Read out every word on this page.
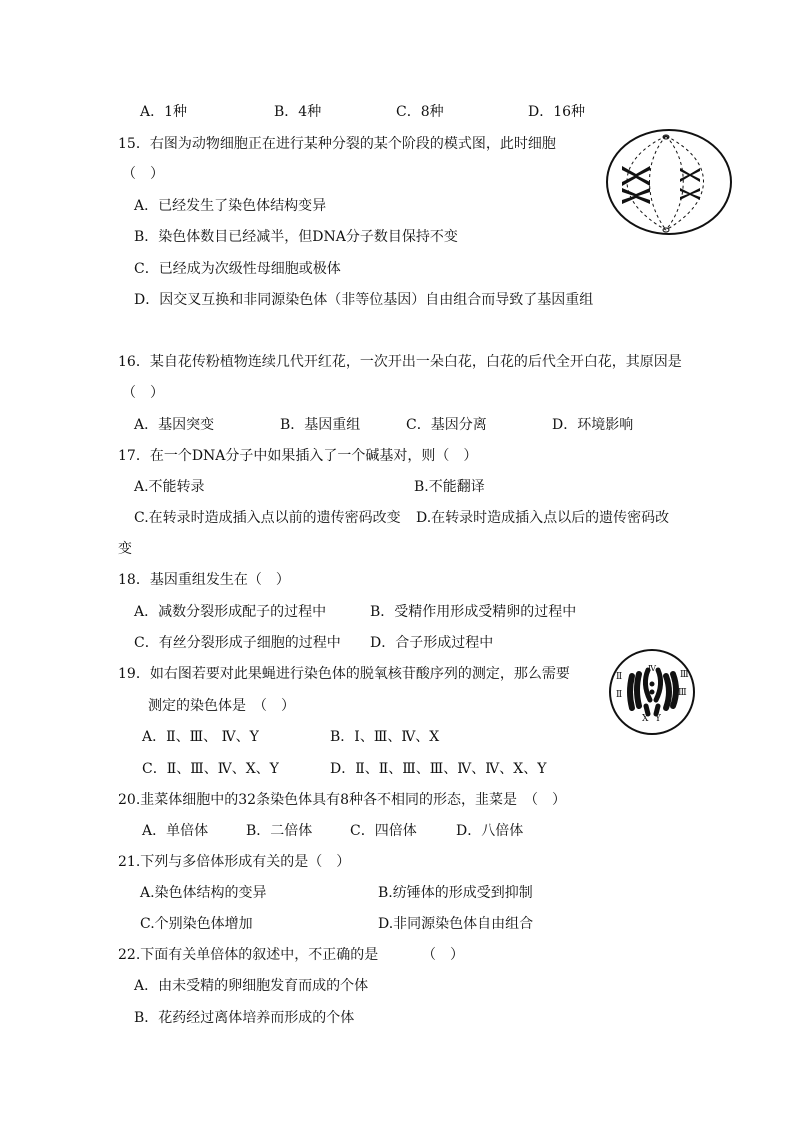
A．1种	B．4种	C．8种	D．16种
15．右图为动物细胞正在进行某种分裂的某个阶段的模式图，此时细胞
（　）
A．已经发生了染色体结构变异
B．染色体数目已经减半，但DNA分子数目保持不变
C．已经成为次级性母细胞或极体
D．因交叉互换和非同源染色体（非等位基因）自由组合而导致了基因重组
16．某自花传粉植物连续几代开红花，一次开出一朵白花，白花的后代全开白花，其原因是
（　）
A．基因突变	B．基因重组	C．基因分离	D．环境影响
17．在一个DNA分子中如果插入了一个碱基对，则（　）
A.不能转录	B.不能翻译
C.在转录时造成插入点以前的遗传密码改变 D.在转录时造成插入点以后的遗传密码改
变
18．基因重组发生在（　）
A．减数分裂形成配子的过程中	B．受精作用形成受精卵的过程中
C．有丝分裂形成子细胞的过程中 D．合子形成过程中
19．如右图若要对此果蝇进行染色体的脱氧核苷酸序列的测定，那么需要
测定的染色体是　（　）
A．Ⅱ、Ⅲ、 Ⅳ、Y	B．Ⅰ、Ⅲ、Ⅳ、X
C．Ⅱ、Ⅲ、Ⅳ、X、Y	D．Ⅱ、Ⅱ、Ⅲ、Ⅲ、Ⅳ、Ⅳ、X、Y
Ⅱ
Ⅳ
Ⅲ
Ⅲ
Ⅱ
X Y
20.韭菜体细胞中的32条染色体具有8种各不相同的形态，韭菜是　（　）
A．单倍体	B．二倍体	C．四倍体	D．八倍体
21.下列与多倍体形成有关的是（　）
A.染色体结构的变异	B.纺锤体的形成受到抑制
C.个别染色体增加	D.非同源染色体自由组合
22.下面有关单倍体的叙述中，不正确的是	（　）
A．由未受精的卵细胞发育而成的个体
B．花药经过离体培养而形成的个体
